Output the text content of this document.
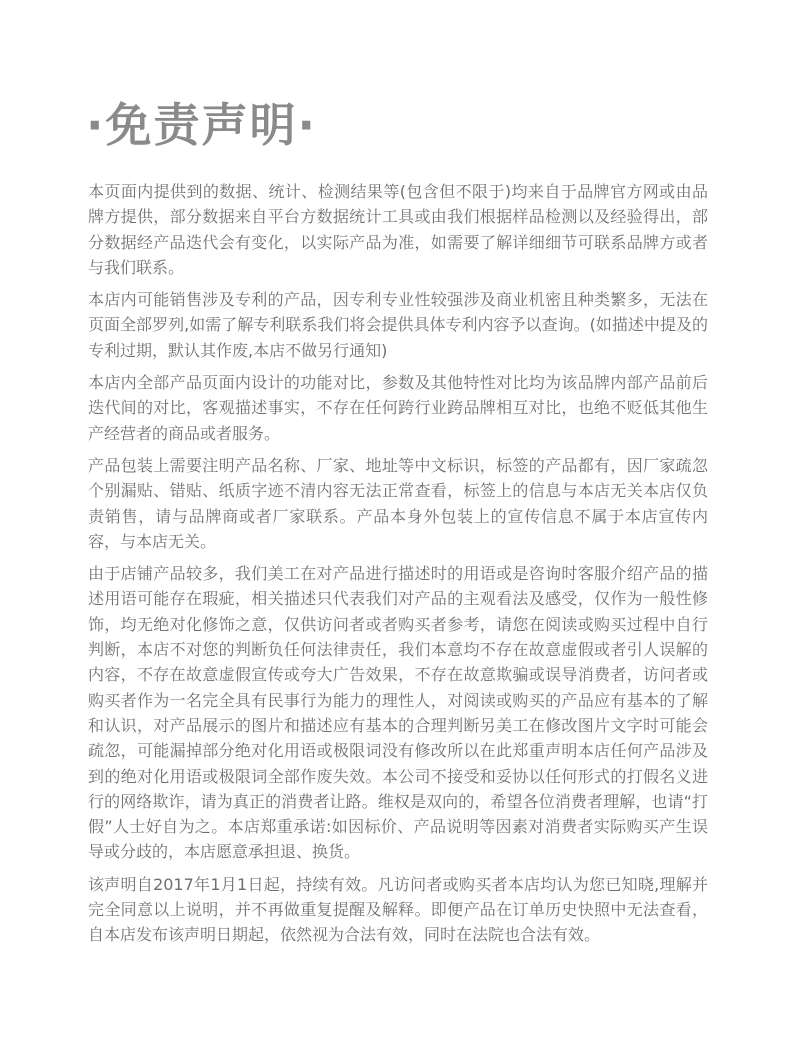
·免责声明·

本页面内提供到的数据、统计、检测结果等(包含但不限于)均来自于品牌官方网或由品牌方提供，部分数据来自平台方数据统计工具或由我们根据样品检测以及经验得出，部分数据经产品迭代会有变化，以实际产品为准，如需要了解详细细节可联系品牌方或者与我们联系。

本店内可能销售涉及专利的产品，因专利专业性较强涉及商业机密且种类繁多，无法在页面全部罗列,如需了解专利联系我们将会提供具体专利内容予以查询。(如描述中提及的专利过期，默认其作废,本店不做另行通知)

本店内全部产品页面内设计的功能对比，参数及其他特性对比均为该品牌内部产品前后迭代间的对比，客观描述事实，不存在任何跨行业跨品牌相互对比，也绝不贬低其他生产经营者的商品或者服务。

产品包装上需要注明产品名称、厂家、地址等中文标识，标签的产品都有，因厂家疏忽个别漏贴、错贴、纸质字迹不清内容无法正常查看，标签上的信息与本店无关本店仅负责销售，请与品牌商或者厂家联系。产品本身外包装上的宣传信息不属于本店宣传内容，与本店无关。

由于店铺产品较多，我们美工在对产品进行描述时的用语或是咨询时客服介绍产品的描述用语可能存在瑕疵，相关描述只代表我们对产品的主观看法及感受，仅作为一般性修饰，均无绝对化修饰之意，仅供访问者或者购买者参考，请您在阅读或购买过程中自行判断，本店不对您的判断负任何法律责任，我们本意均不存在故意虚假或者引人误解的内容，不存在故意虚假宣传或夸大广告效果，不存在故意欺骗或误导消费者，访问者或购买者作为一名完全具有民事行为能力的理性人，对阅读或购买的产品应有基本的了解和认识，对产品展示的图片和描述应有基本的合理判断另美工在修改图片文字时可能会疏忽，可能漏掉部分绝对化用语或极限词没有修改所以在此郑重声明本店任何产品涉及到的绝对化用语或极限词全部作废失效。本公司不接受和妥协以任何形式的打假名义进行的网络欺诈，请为真正的消费者让路。维权是双向的，希望各位消费者理解，也请“打假”人士好自为之。本店郑重承诺:如因标价、产品说明等因素对消费者实际购买产生误导或分歧的，本店愿意承担退、换货。

该声明自2017年1月1日起，持续有效。凡访问者或购买者本店均认为您已知晓,理解并完全同意以上说明，并不再做重复提醒及解释。即便产品在订单历史快照中无法查看，自本店发布该声明日期起，依然视为合法有效，同时在法院也合法有效。
